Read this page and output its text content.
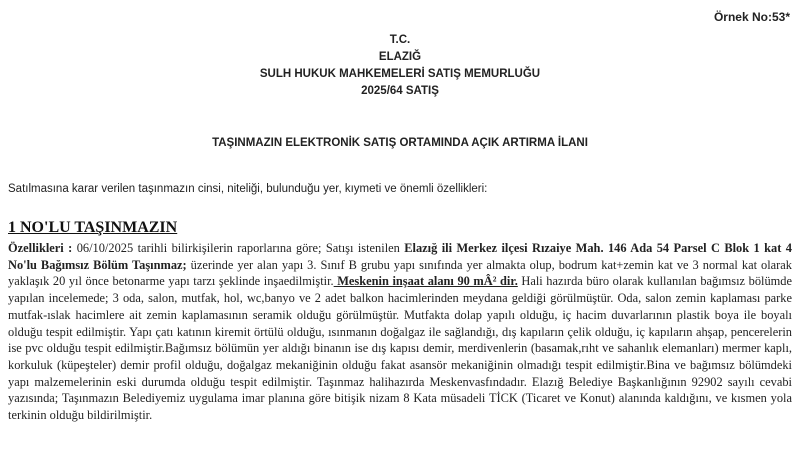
Örnek No:53*
T.C.
ELAZIĞ
SULH HUKUK MAHKEMELERİ SATIŞ MEMURLUĞU
2025/64 SATIŞ
TAŞINMAZIN ELEKTRONİK SATIŞ ORTAMINDA AÇIK ARTIRMA İLANI
Satılmasına karar verilen taşınmazın cinsi, niteliği, bulunduğu yer, kıymeti ve önemli özellikleri:
1 NO'LU TAŞINMAZIN
Özellikleri : 06/10/2025 tarihli bilirkişilerin raporlarına göre; Satışı istenilen Elazığ ili Merkez ilçesi Rızaiye Mah. 146 Ada 54 Parsel C Blok 1 kat 4 No'lu Bağımsız Bölüm Taşınmaz; üzerinde yer alan yapı 3. Sınıf B grubu yapı sınıfında yer almakta olup, bodrum kat+zemin kat ve 3 normal kat olarak yaklaşık 20 yıl önce betonarme yapı tarzı şeklinde inşaedilmiştir. Meskenin inşaat alanı 90 mÂ² dir. Hali hazırda büro olarak kullanılan bağımsız bölümde yapılan incelemede; 3 oda, salon, mutfak, hol, wc,banyo ve 2 adet balkon hacimlerinden meydana geldiği görülmüştür. Oda, salon zemin kaplaması parke mutfak-ıslak hacimlere ait zemin kaplamasının seramik olduğu görülmüştür. Mutfakta dolap yapılı olduğu, iç hacim duvarlarının plastik boya ile boyalı olduğu tespit edilmiştir. Yapı çatı katının kiremit örtülü olduğu, ısınmanın doğalgaz ile sağlandığı, dış kapıların çelik olduğu, iç kapıların ahşap, pencerelerin ise pvc olduğu tespit edilmiştir.Bağımsız bölümün yer aldığı binanın ise dış kapısı demir, merdivenlerin (basamak,rıht ve sahanlık elemanları) mermer kaplı, korkuluk (küpeşteler) demir profil olduğu, doğalgaz mekaniğinin olduğu fakat asansör mekaniğinin olmadığı tespit edilmiştir.Bina ve bağımsız bölümdeki yapı malzemelerinin eski durumda olduğu tespit edilmiştir. Taşınmaz halihazırda Meskenvasfındadır. Elazığ Belediye Başkanlığının 92902 sayılı cevabi yazısında; Taşınmazın Belediyemiz uygulama imar planına göre bitişik nizam 8 Kata müsadeli TİCK (Ticaret ve Konut) alanında kaldığını, ve kısmen yola terkinin olduğu bildirilmiştir.
